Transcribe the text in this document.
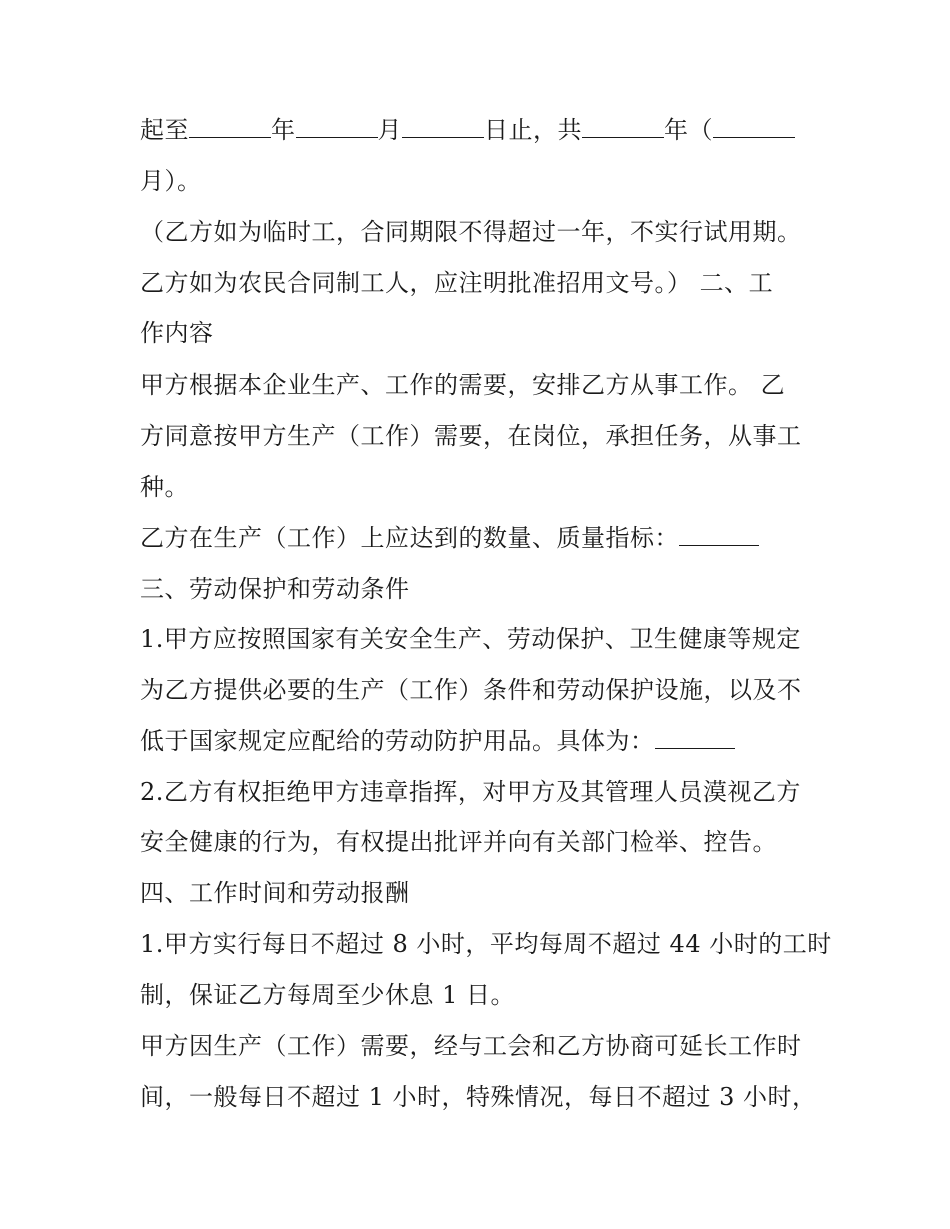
起至	年	月	日止，共	年（
月）。
（乙方如为临时工，合同期限不得超过一年，不实行试用期。
乙方如为农民合同制工人，应注明批准招用文号。） 二、工
作内容
甲方根据本企业生产、工作的需要，安排乙方从事工作。 乙
方同意按甲方生产（工作）需要，在岗位，承担任务，从事工
种。
乙方在生产（工作）上应达到的数量、质量指标：
三、劳动保护和劳动条件
1.甲方应按照国家有关安全生产、劳动保护、卫生健康等规定
为乙方提供必要的生产（工作）条件和劳动保护设施，以及不
低于国家规定应配给的劳动防护用品。具体为：
2.乙方有权拒绝甲方违章指挥，对甲方及其管理人员漠视乙方
安全健康的行为，有权提出批评并向有关部门检举、控告。
四、工作时间和劳动报酬
1.甲方实行每日不超过 8 小时，平均每周不超过 44 小时的工时
制，保证乙方每周至少休息 1 日。
甲方因生产（工作）需要，经与工会和乙方协商可延长工作时
间，一般每日不超过 1 小时，特殊情况，每日不超过 3 小时，
